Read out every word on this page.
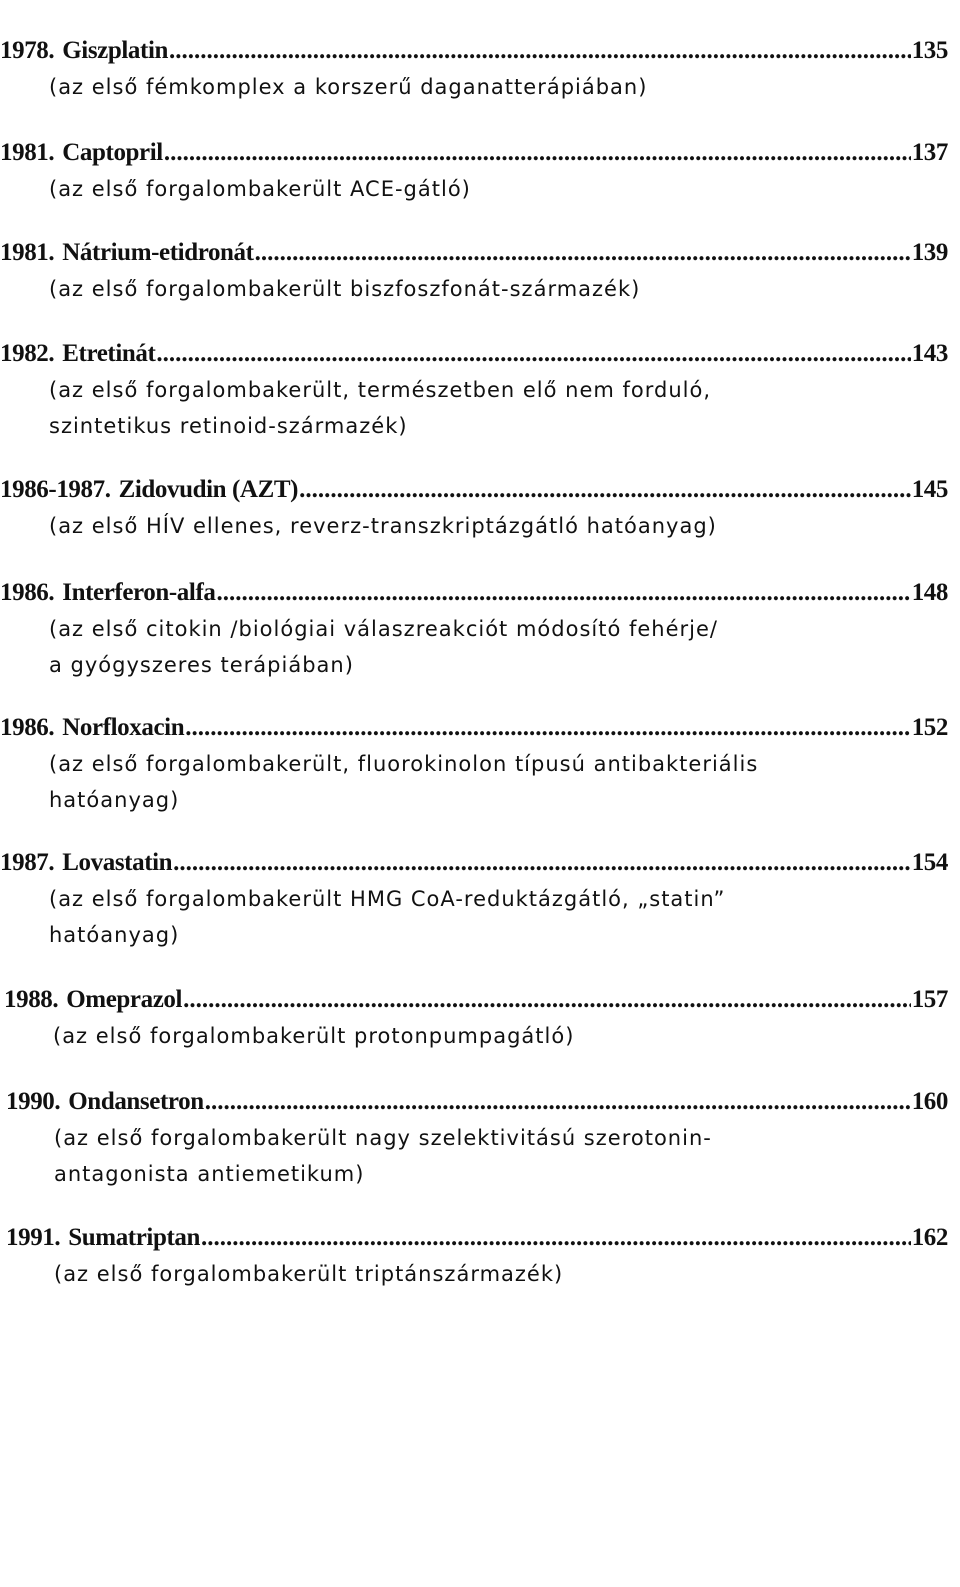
1978. Giszplatin .....	135
(az első fémkomplex a korszerű daganatterápiában)
1981. Captopril .....	137
(az első forgalombakerült ACE-gátló)
1981. Nátrium-etidronát .....	139
(az első forgalombakerült biszfoszfonát-származék)
1982. Etretinát .....	143
(az első forgalombakerült, természetben elő nem forduló,
szintetikus retinoid-származék)
1986-1987. Zidovudin (AZT) .....	145
(az első HÍV ellenes, reverz-transzkriptázgátló hatóanyag)
1986. Interferon-alfa .....	148
(az első citokin /biológiai válaszreakciót módosító fehérje/
a gyógyszeres terápiában)
1986. Norfloxacin .....	152
(az első forgalombakerült, fluorokinolon típusú antibakteriális
hatóanyag)
1987. Lovastatin .....	154
(az első forgalombakerült HMG CoA-reduktázgátló, „statin”
hatóanyag)
1988. Omeprazol .....	157
(az első forgalombakerült protonpumpagátló)
1990. Ondansetron .....	160
(az első forgalombakerült nagy szelektivitású szerotonin-
antagonista antiemetikum)
1991. Sumatriptan .....	162
(az első forgalombakerült triptánszármazék)
